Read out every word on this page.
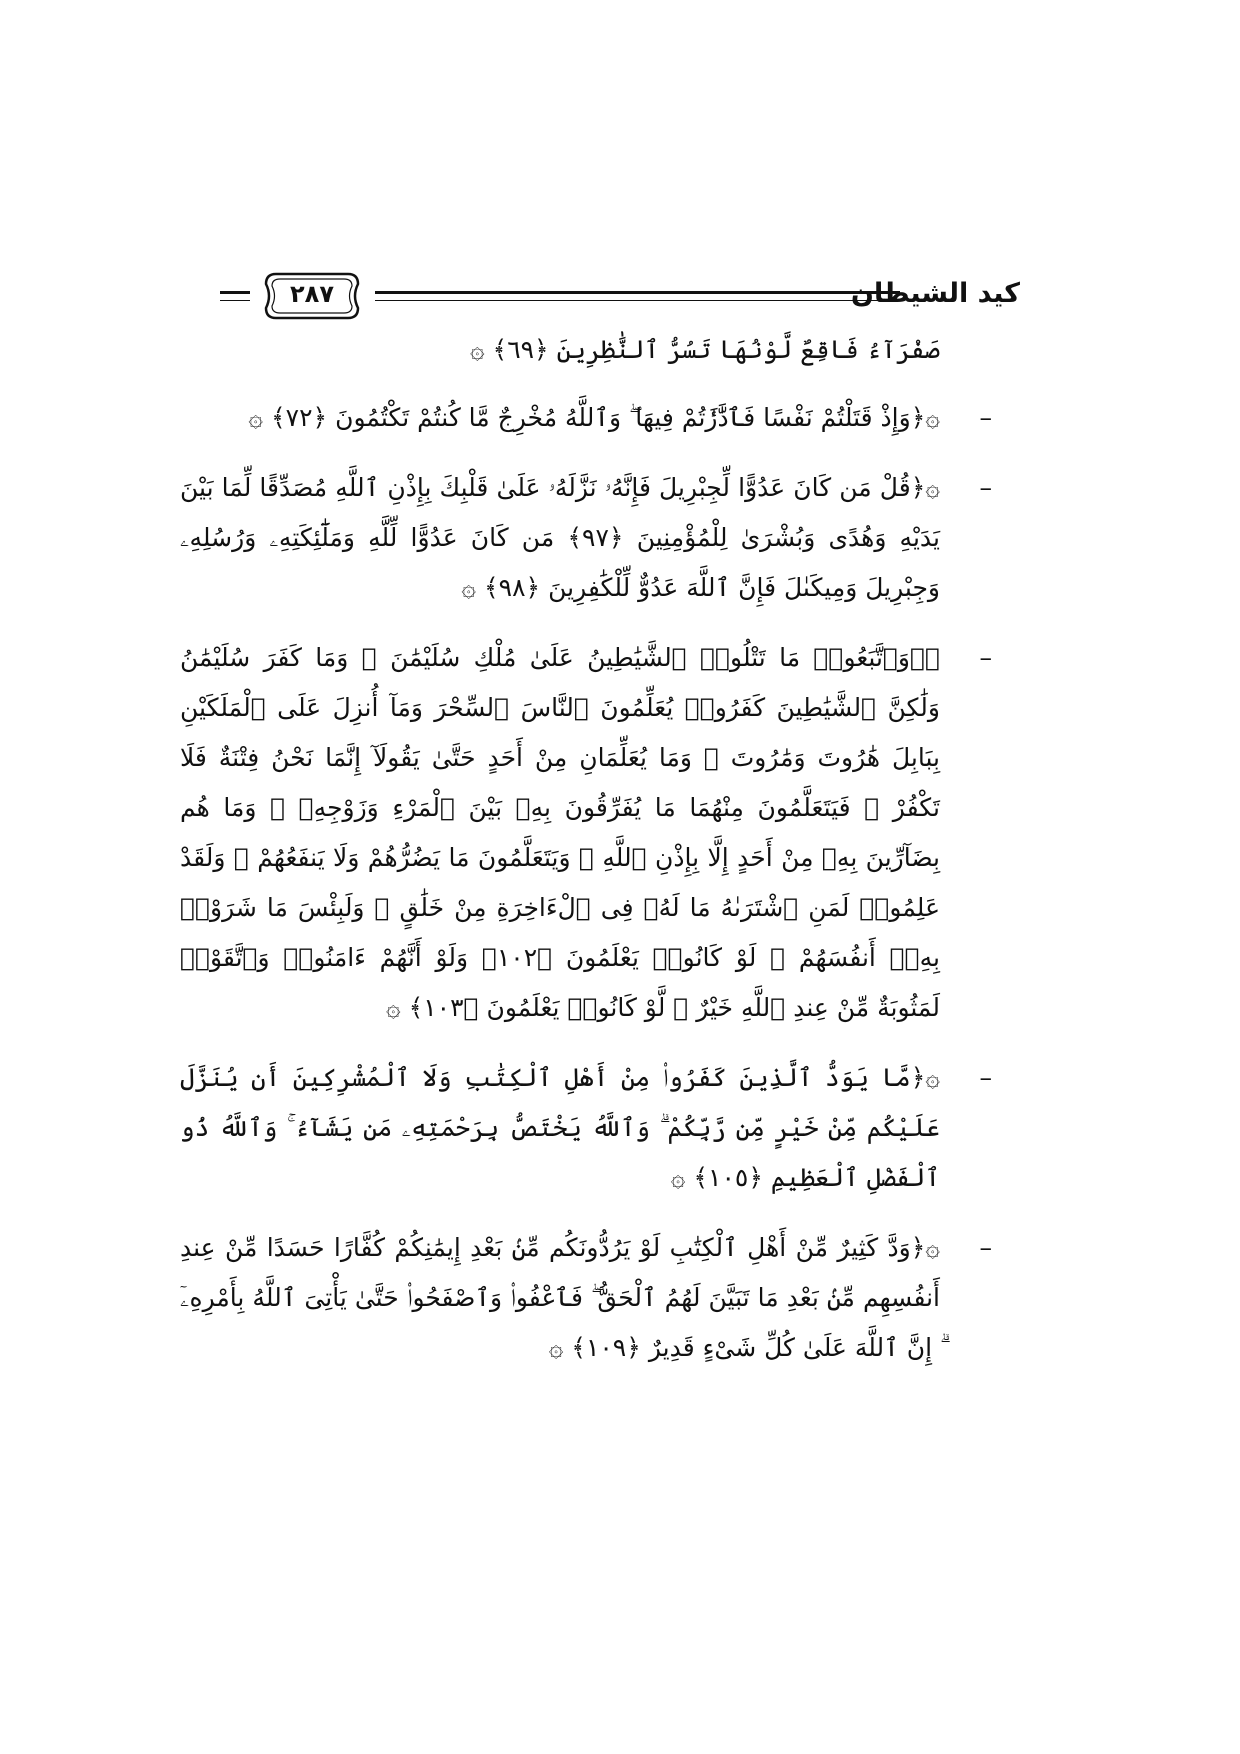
كيد الشيطان
٢٨٧
صَفْرَآءُ فَاقِعٌ لَّوْنُهَا تَسُرُّ ٱلنَّٰظِرِينَ ﴿٦٩﴾ ۞
–
۞﴿وَإِذْ قَتَلْتُمْ نَفْسًا فَٱدَّٰرَٰٔتُمْ فِيهَا ۖ وَٱللَّهُ مُخْرِجٌ مَّا كُنتُمْ تَكْتُمُونَ ﴿٧٢﴾ ۞
–
۞﴿قُلْ مَن كَانَ عَدُوًّا لِّجِبْرِيلَ فَإِنَّهُۥ نَزَّلَهُۥ عَلَىٰ قَلْبِكَ بِإِذْنِ ٱللَّهِ مُصَدِّقًا لِّمَا بَيْنَ يَدَيْهِ وَهُدًى وَبُشْرَىٰ لِلْمُؤْمِنِينَ ﴿٩٧﴾ مَن كَانَ عَدُوًّا لِّلَّهِ وَمَلَٰٓئِكَتِهِۦ وَرُسُلِهِۦ وَجِبْرِيلَ وَمِيكَىٰلَ فَإِنَّ ٱللَّهَ عَدُوٌّ لِّلْكَٰفِرِينَ ﴿٩٨﴾ ۞
–
۞﴿وَٱتَّبَعُوا۟ مَا تَتْلُوا۟ ٱلشَّيَٰطِينُ عَلَىٰ مُلْكِ سُلَيْمَٰنَ ۖ وَمَا كَفَرَ سُلَيْمَٰنُ وَلَٰكِنَّ ٱلشَّيَٰطِينَ كَفَرُوا۟ يُعَلِّمُونَ ٱلنَّاسَ ٱلسِّحْرَ وَمَآ أُنزِلَ عَلَى ٱلْمَلَكَيْنِ بِبَابِلَ هَٰرُوتَ وَمَٰرُوتَ ۚ وَمَا يُعَلِّمَانِ مِنْ أَحَدٍ حَتَّىٰ يَقُولَآ إِنَّمَا نَحْنُ فِتْنَةٌ فَلَا تَكْفُرْ ۖ فَيَتَعَلَّمُونَ مِنْهُمَا مَا يُفَرِّقُونَ بِهِۦ بَيْنَ ٱلْمَرْءِ وَزَوْجِهِۦ ۚ وَمَا هُم بِضَآرِّينَ بِهِۦ مِنْ أَحَدٍ إِلَّا بِإِذْنِ ٱللَّهِ ۚ وَيَتَعَلَّمُونَ مَا يَضُرُّهُمْ وَلَا يَنفَعُهُمْ ۚ وَلَقَدْ عَلِمُوا۟ لَمَنِ ٱشْتَرَىٰهُ مَا لَهُۥ فِى ٱلْءَاخِرَةِ مِنْ خَلَٰقٍ ۚ وَلَبِئْسَ مَا شَرَوْا۟ بِهِۦٓ أَنفُسَهُمْ ۚ لَوْ كَانُوا۟ يَعْلَمُونَ ﴿١٠٢﴾ وَلَوْ أَنَّهُمْ ءَامَنُوا۟ وَٱتَّقَوْا۟ لَمَثُوبَةٌ مِّنْ عِندِ ٱللَّهِ خَيْرٌ ۖ لَّوْ كَانُوا۟ يَعْلَمُونَ ﴿١٠٣﴾ ۞
–
۞﴿مَّا يَوَدُّ ٱلَّذِينَ كَفَرُوا۟ مِنْ أَهْلِ ٱلْكِتَٰبِ وَلَا ٱلْمُشْرِكِينَ أَن يُنَزَّلَ عَلَيْكُم مِّنْ خَيْرٍ مِّن رَّبِّكُمْ ۗ وَٱللَّهُ يَخْتَصُّ بِرَحْمَتِهِۦ مَن يَشَآءُ ۚ وَٱللَّهُ ذُو ٱلْفَضْلِ ٱلْعَظِيمِ ﴿١٠٥﴾ ۞
–
۞﴿وَدَّ كَثِيرٌ مِّنْ أَهْلِ ٱلْكِتَٰبِ لَوْ يَرُدُّونَكُم مِّنۢ بَعْدِ إِيمَٰنِكُمْ كُفَّارًا حَسَدًا مِّنْ عِندِ أَنفُسِهِم مِّنۢ بَعْدِ مَا تَبَيَّنَ لَهُمُ ٱلْحَقُّ ۖ فَٱعْفُوا۟ وَٱصْفَحُوا۟ حَتَّىٰ يَأْتِىَ ٱللَّهُ بِأَمْرِهِۦٓ ۗ إِنَّ ٱللَّهَ عَلَىٰ كُلِّ شَىْءٍ قَدِيرٌ ﴿١٠٩﴾ ۞
